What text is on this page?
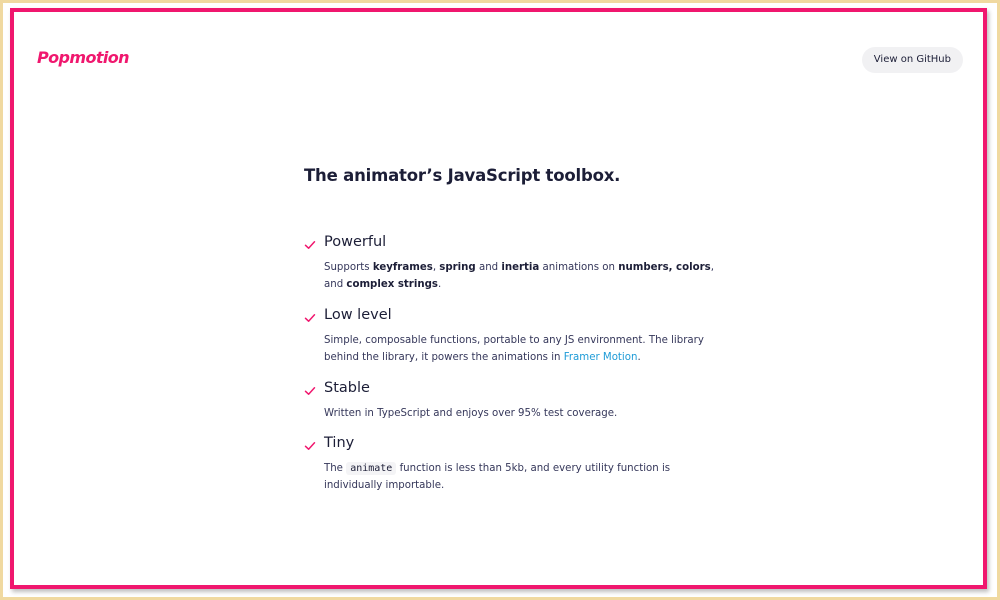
Popmotion	View on GitHub
The animator’s JavaScript toolbox.
Powerful
Supports keyframes, spring and inertia animations on numbers, colors,
and complex strings.
Low level
Simple, composable functions, portable to any JS environment. The library
behind the library, it powers the animations in Framer Motion.
Stable
Written in TypeScript and enjoys over 95% test coverage.
Tiny
The animate function is less than 5kb, and every utility function is
individually importable.
